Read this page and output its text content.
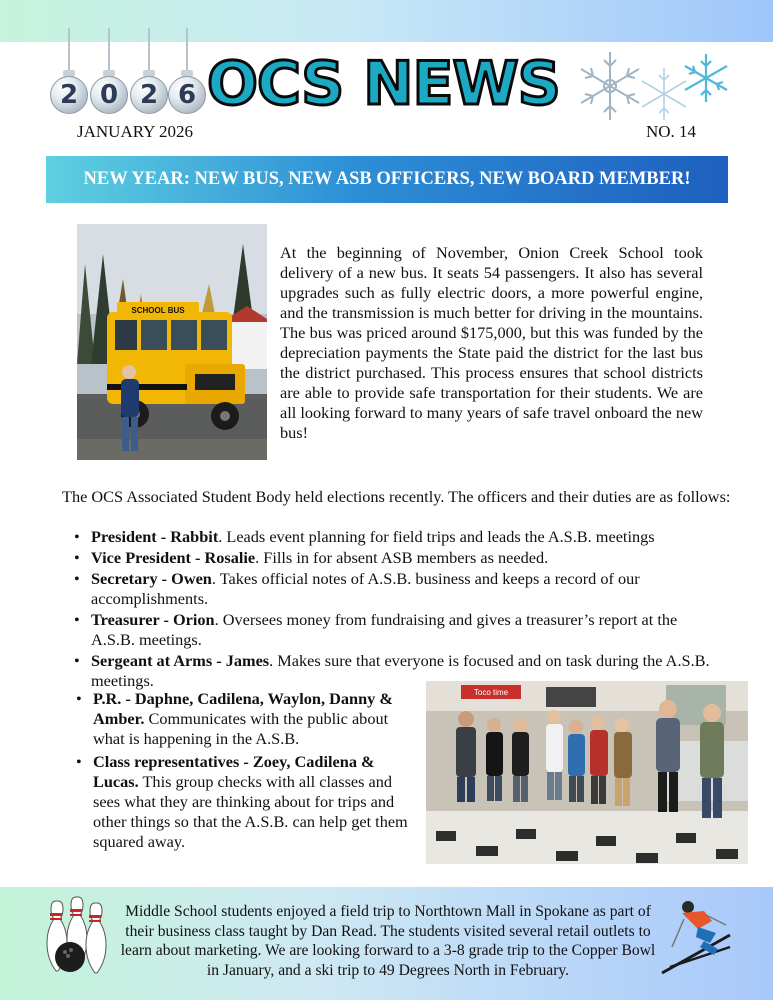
2 0 2 6 OCS NEWS
JANUARY 2026	NO. 14
NEW YEAR: NEW BUS, NEW ASB OFFICERS, NEW BOARD MEMBER!
SCHOOL BUS
At the beginning of November, Onion Creek School took delivery of a new bus. It seats 54 passengers. It also has several upgrades such as fully electric doors, a more powerful engine, and the transmission is much better for driving in the mountains. The bus was priced around $175,000, but this was funded by the depreciation payments the State paid the district for the last bus the district purchased. This process ensures that school districts are able to provide safe transportation for their students. We are all looking forward to many years of safe travel onboard the new bus!
The OCS Associated Student Body held elections recently. The officers and their duties are as follows:
• President - Rabbit. Leads event planning for field trips and leads the A.S.B. meetings
• Vice President - Rosalie. Fills in for absent ASB members as needed.
• Secretary - Owen. Takes official notes of A.S.B. business and keeps a record of our accomplishments.
• Treasurer - Orion. Oversees money from fundraising and gives a treasurer’s report at the A.S.B. meetings.
• Sergeant at Arms - James. Makes sure that everyone is focused and on task during the A.S.B. meetings.
• P.R. - Daphne, Cadilena, Waylon, Danny & Amber. Communicates with the public about what is happening in the A.S.B.
• Class representatives - Zoey, Cadilena & Lucas. This group checks with all classes and sees what they are thinking about for trips and other things so that the A.S.B. can help get them squared away.
Toco time
Middle School students enjoyed a field trip to Northtown Mall in Spokane as part of their business class taught by Dan Read. The students visited several retail outlets to learn about marketing. We are looking forward to a 3-8 grade trip to the Copper Bowl in January, and a ski trip to 49 Degrees North in February.
